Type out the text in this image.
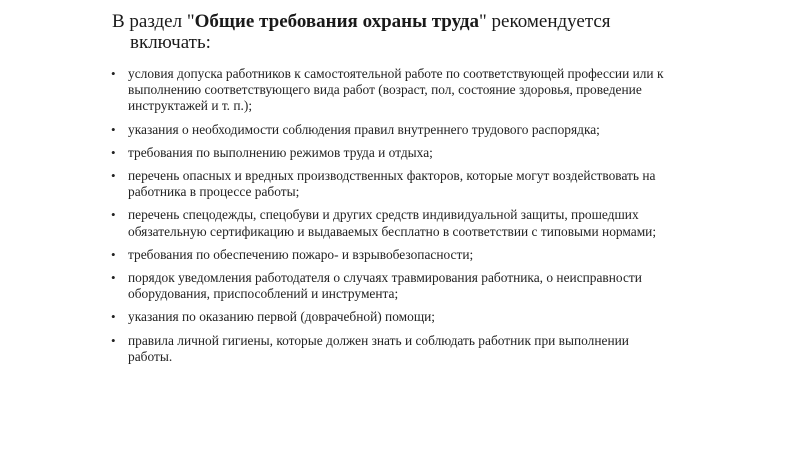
В раздел "Общие требования охраны труда" рекомендуется
включать:
• условия допуска работников к самостоятельной работе по соответствующей профессии или к выполнению соответствующего вида работ (возраст, пол, состояние здоровья, проведение инструктажей и т. п.);
• указания о необходимости соблюдения правил внутреннего трудового распорядка;
• требования по выполнению режимов труда и отдыха;
• перечень опасных и вредных производственных факторов, которые могут воздействовать на работника в процессе работы;
• перечень спецодежды, спецобуви и других средств индивидуальной защиты, прошедших обязательную сертификацию и выдаваемых бесплатно в соответствии с типовыми нормами;
• требования по обеспечению пожаро- и взрывобезопасности;
• порядок уведомления работодателя о случаях травмирования работника, о неисправности оборудования, приспособлений и инструмента;
• указания по оказанию первой (доврачебной) помощи;
• правила личной гигиены, которые должен знать и соблюдать работник при выполнении работы.
